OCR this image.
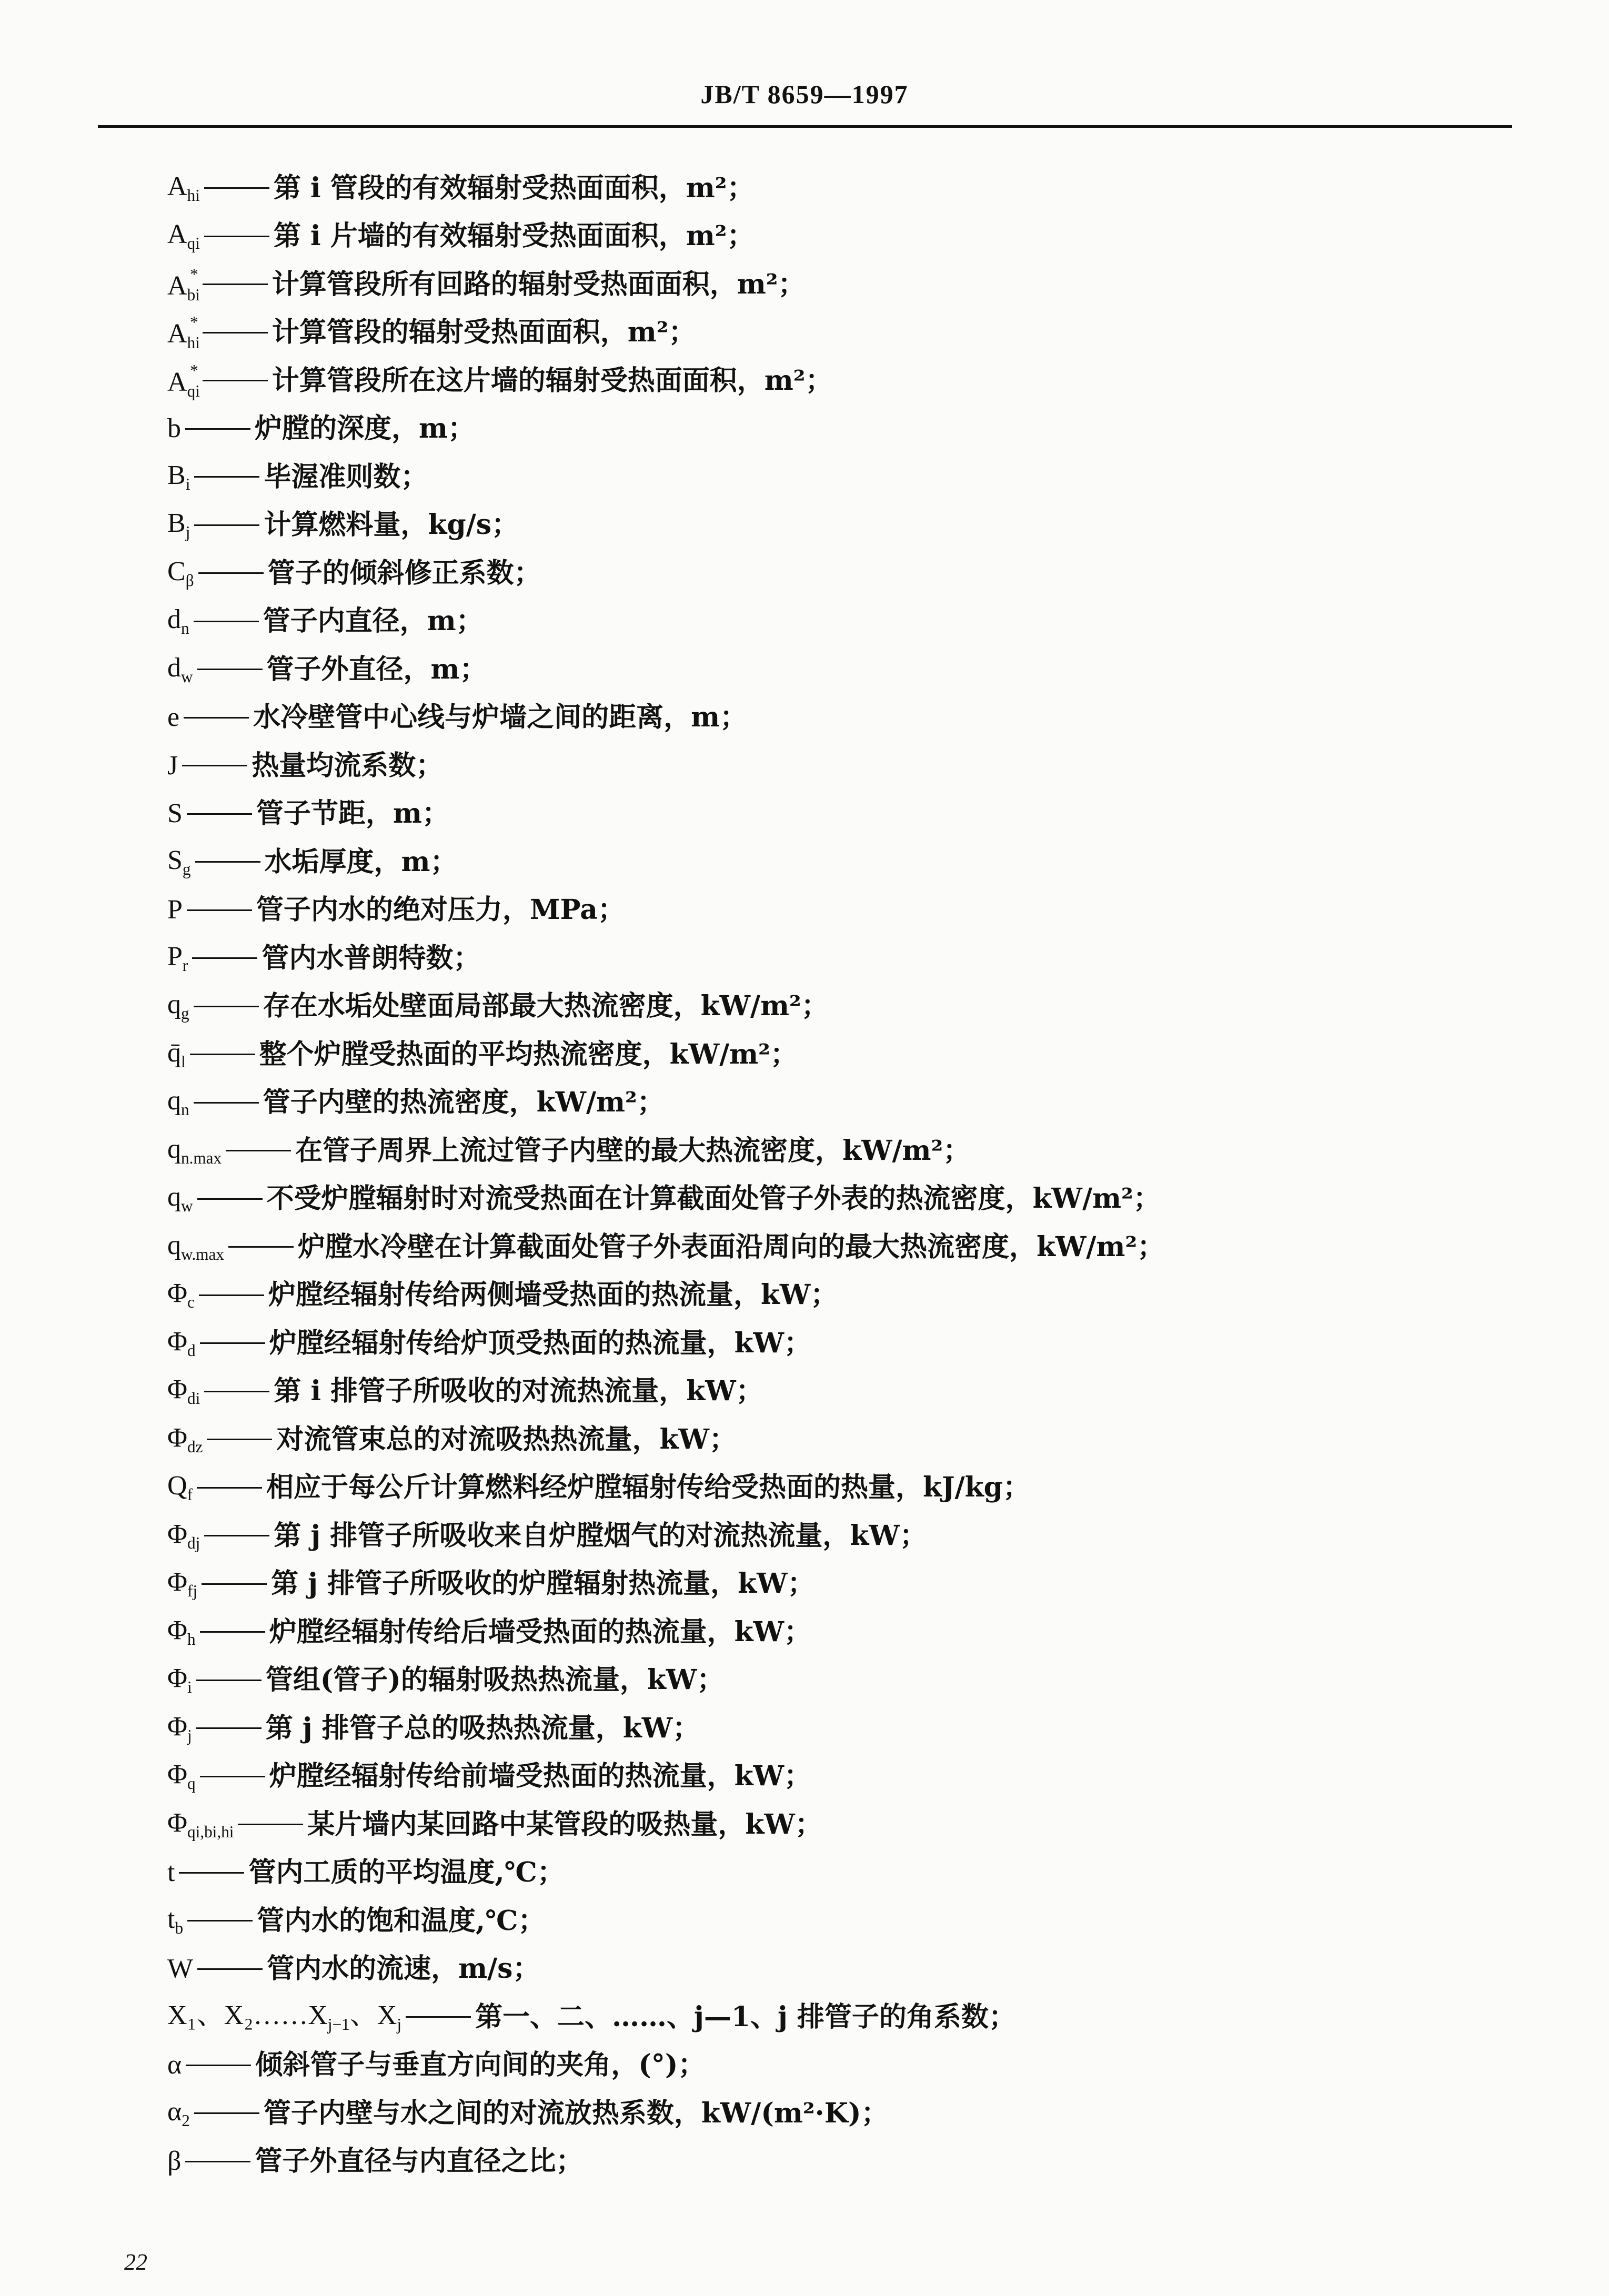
JB/T 8659—1997
$A_{hi}$	第 i 管段的有效辐射受热面面积，m²；
$A_{qi}$	第 i 片墙的有效辐射受热面面积，m²；
$A_{bi}^*$	计算管段所有回路的辐射受热面面积，m²；
$A_{hi}^*$	计算管段的辐射受热面面积，m²；
$A_{qi}^*$	计算管段所在这片墙的辐射受热面面积，m²；
b	炉膛的深度，m；
$B_i$	毕渥准则数；
$B_j$	计算燃料量，kg/s；
$C_\beta$	管子的倾斜修正系数；
$d_n$	管子内直径，m；
$d_w$	管子外直径，m；
e	水冷壁管中心线与炉墙之间的距离，m；
J	热量均流系数；
S	管子节距，m；
$S_g$	水垢厚度，m；
P	管子内水的绝对压力，MPa；
$P_r$	管内水普朗特数；
$q_g$	存在水垢处壁面局部最大热流密度，kW/m²；
$q̄_l$	整个炉膛受热面的平均热流密度，kW/m²；
$q_n$	管子内壁的热流密度，kW/m²；
$q_{n.max}$	在管子周界上流过管子内壁的最大热流密度，kW/m²；
$q_w$	不受炉膛辐射时对流受热面在计算截面处管子外表的热流密度，kW/m²；
$q_{w.max}$	炉膛水冷壁在计算截面处管子外表面沿周向的最大热流密度，kW/m²；
$\Phi_c$	炉膛经辐射传给两侧墙受热面的热流量，kW；
$\Phi_d$	炉膛经辐射传给炉顶受热面的热流量，kW；
$\Phi_{di}$	第 i 排管子所吸收的对流热流量，kW；
$\Phi_{dz}$	对流管束总的对流吸热热流量，kW；
$Q_f$	相应于每公斤计算燃料经炉膛辐射传给受热面的热量，kJ/kg；
$\Phi_{dj}$	第 j 排管子所吸收来自炉膛烟气的对流热流量，kW；
$\Phi_{fj}$	第 j 排管子所吸收的炉膛辐射热流量，kW；
$\Phi_h$	炉膛经辐射传给后墙受热面的热流量，kW；
$\Phi_i$	管组(管子)的辐射吸热热流量，kW；
$\Phi_j$	第 j 排管子总的吸热热流量，kW；
$\Phi_q$	炉膛经辐射传给前墙受热面的热流量，kW；
$\Phi_{qi,bi,hi}$	某片墙内某回路中某管段的吸热量，kW；
t	管内工质的平均温度,℃；
$t_b$	管内水的饱和温度,℃；
W	管内水的流速，m/s；
X₁、$X_2\dots\dots X_{j-1}$、$X_j$	第一、二、……、j—1、j 排管子的角系数；
α	倾斜管子与垂直方向间的夹角，(°)；
$\alpha_2$	管子内壁与水之间的对流放热系数，kW/(m²·K)；
β	管子外直径与内直径之比；
22
